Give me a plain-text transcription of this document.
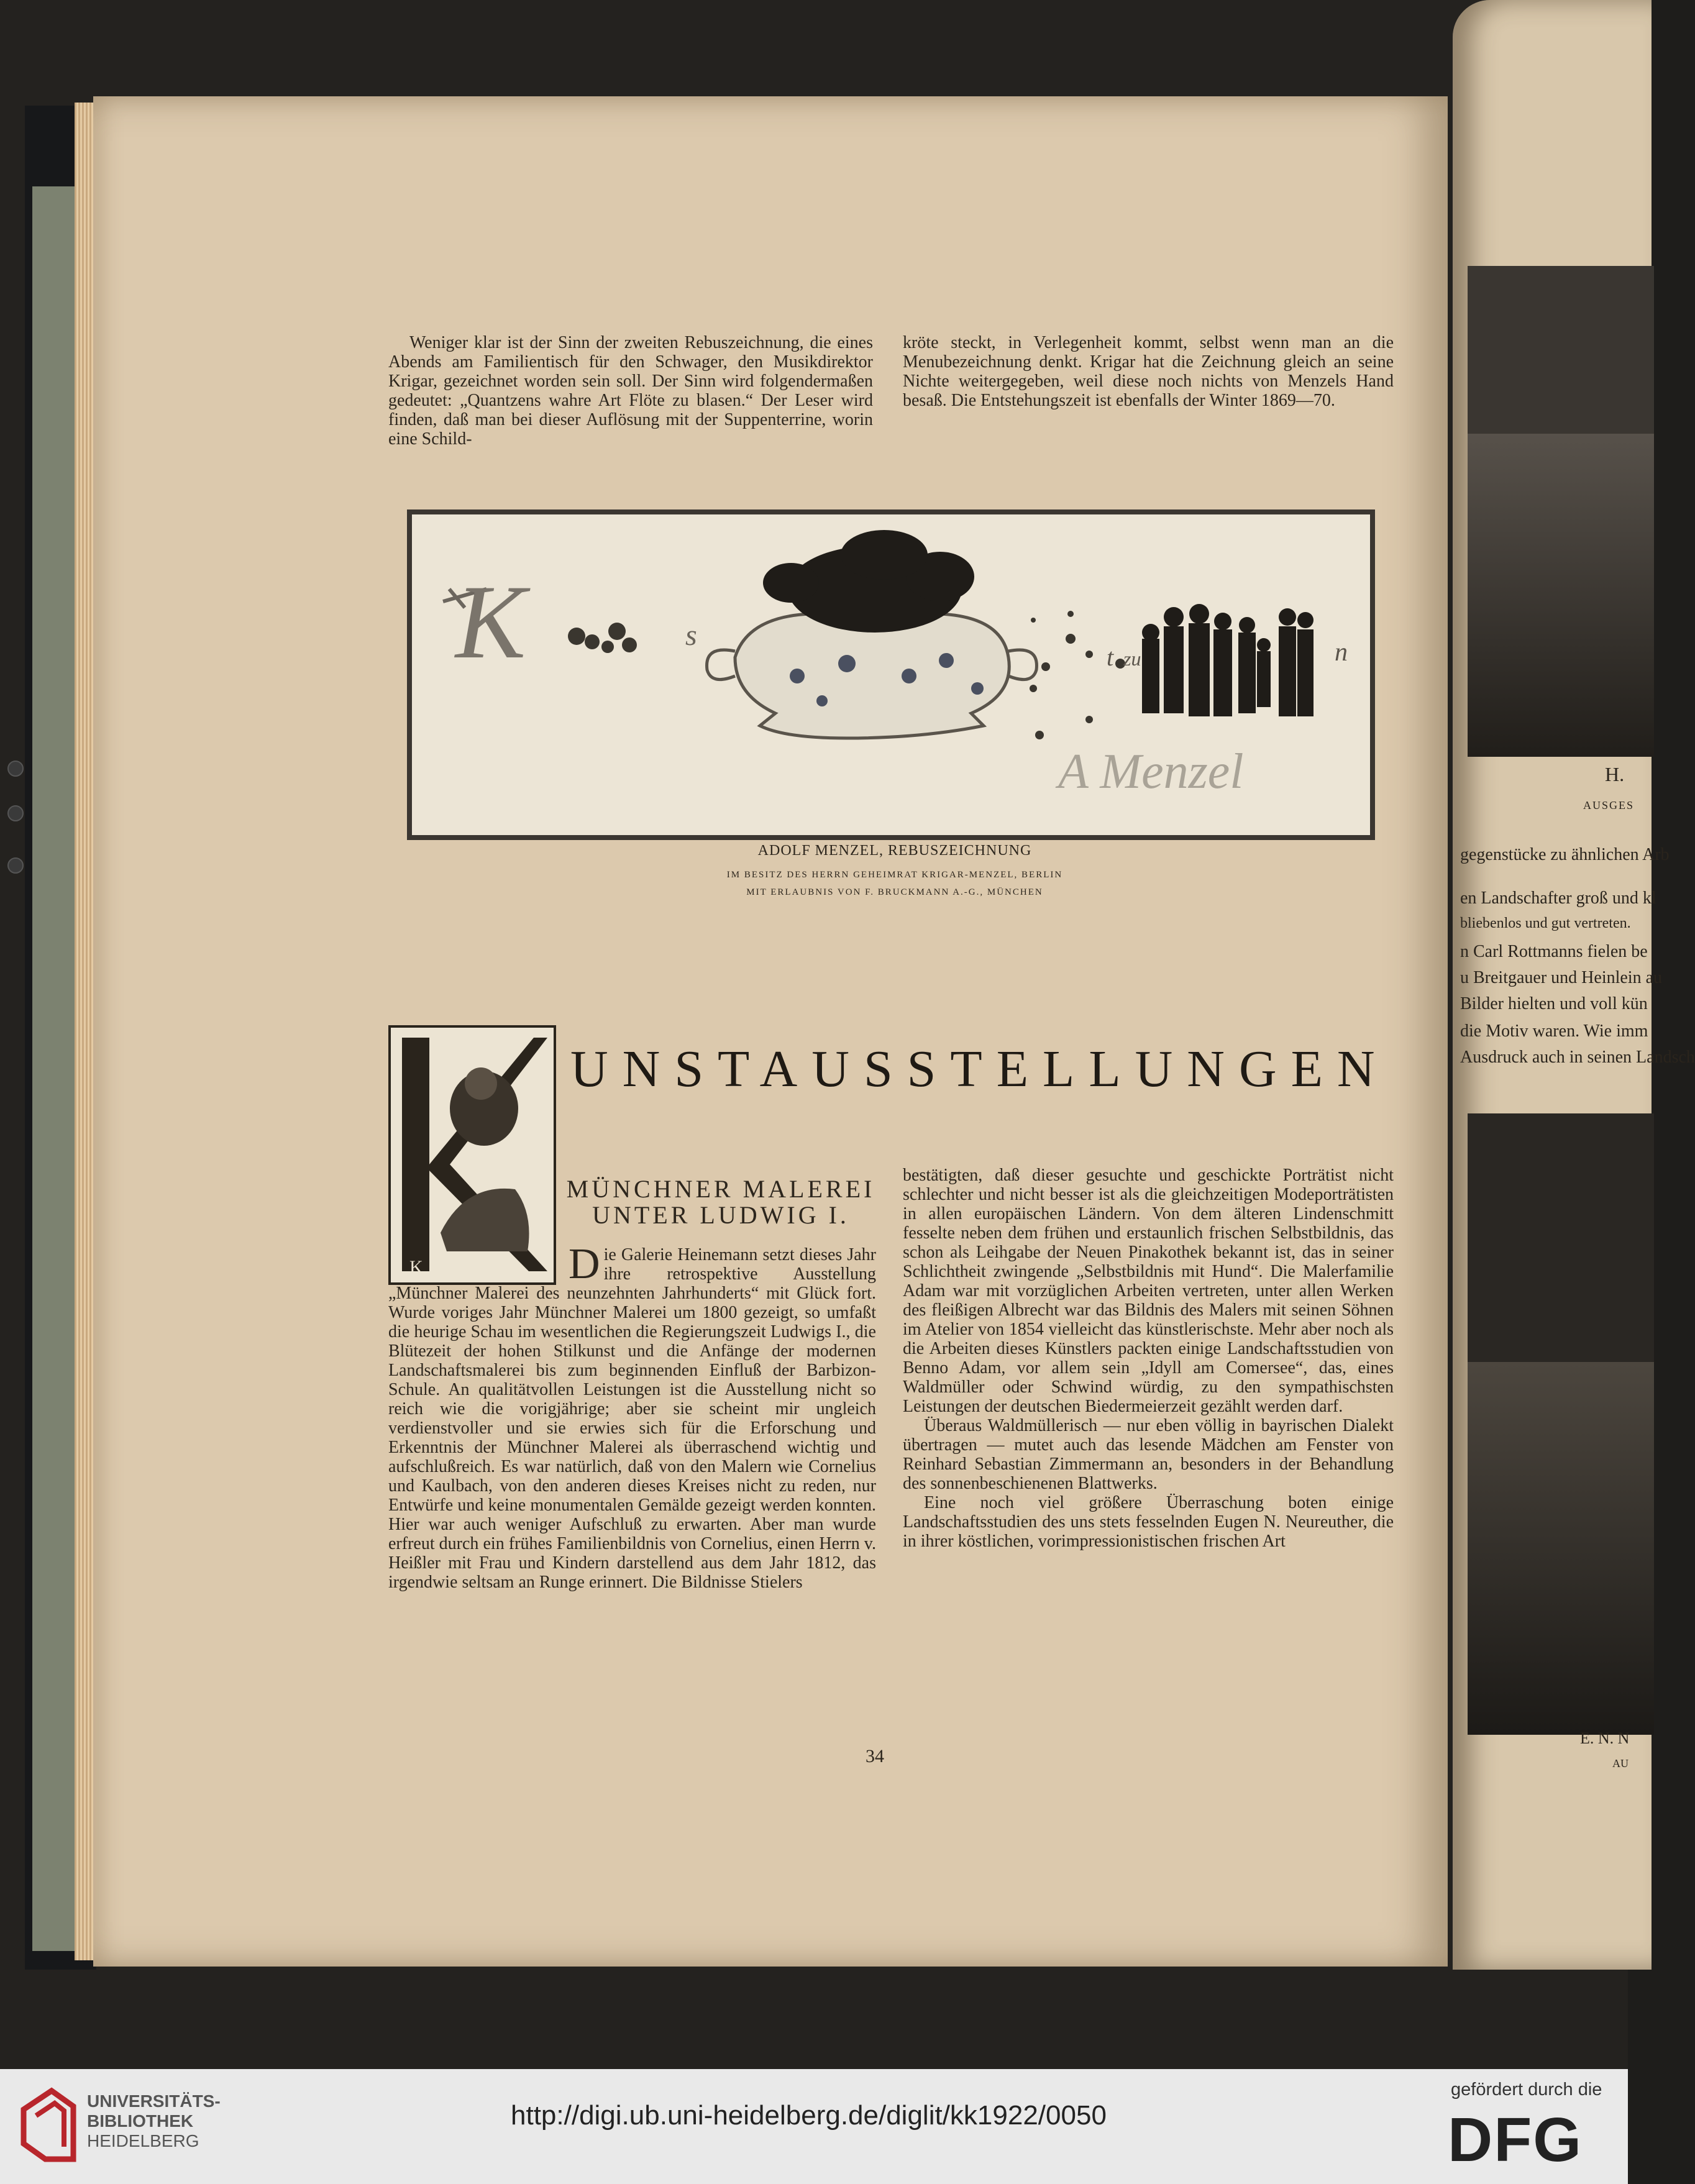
H.
AUSGES
gegenstücke zu ähnlichen Arb
en Landschafter groß und kl
bliebenlos und gut vertreten.
n Carl Rottmanns fielen be
u Breitgauer und Heinlein au
Bilder hielten und voll kün
die Motiv waren. Wie imm
Ausdruck auch in seinen Landsch
E. N. N
AU

Weniger klar ist der Sinn der zweiten Rebuszeichnung, die eines Abends am Familientisch für den Schwager, den Musikdirektor Krigar, gezeichnet worden sein soll. Der Sinn wird folgendermaßen gedeutet: „Quantzens wahre Art Flöte zu blasen.“ Der Leser wird finden, daß man bei dieser Auflösung mit der Suppenterrine, worin eine Schild-

kröte steckt, in Verlegenheit kommt, selbst wenn man an die Menubezeichnung denkt. Krigar hat die Zeichnung gleich an seine Nichte weitergegeben, weil diese noch nichts von Menzels Hand besaß. Die Entstehungszeit ist ebenfalls der Winter 1869—70.

K	s
t zu	n
A Menzel
ADOLF MENZEL, REBUSZEICHNUNG
IM BESITZ DES HERRN GEHEIMRAT KRIGAR-MENZEL, BERLIN
MIT ERLAUBNIS VON F. BRUCKMANN A.-G., MÜNCHEN
K
UNSTAUSSTELLUNGEN
MÜNCHNER MALEREI
UNTER LUDWIG I.

Die Galerie Heinemann setzt dieses Jahr ihre retrospektive Ausstellung „Münchner Malerei des neunzehnten Jahrhunderts“ mit Glück fort. Wurde voriges Jahr Münchner Malerei um 1800 gezeigt, so umfaßt die heurige Schau im wesentlichen die Regierungszeit Ludwigs I., die Blütezeit der hohen Stilkunst und die Anfänge der modernen Landschaftsmalerei bis zum beginnenden Einfluß der Barbizon-Schule. An qualitätvollen Leistungen ist die Ausstellung nicht so reich wie die vorigjährige; aber sie scheint mir ungleich verdienstvoller und sie erwies sich für die Erforschung und Erkenntnis der Münchner Malerei als überraschend wichtig und aufschlußreich. Es war natürlich, daß von den Malern wie Cornelius und Kaulbach, von den anderen dieses Kreises nicht zu reden, nur Entwürfe und keine monumentalen Gemälde gezeigt werden konnten. Hier war auch weniger Aufschluß zu erwarten. Aber man wurde erfreut durch ein frühes Familienbildnis von Cornelius, einen Herrn v. Heißler mit Frau und Kindern darstellend aus dem Jahr 1812, das irgendwie seltsam an Runge erinnert. Die Bildnisse Stielers

bestätigten, daß dieser gesuchte und geschickte Porträtist nicht schlechter und nicht besser ist als die gleichzeitigen Modeporträtisten in allen europäischen Ländern. Von dem älteren Lindenschmitt fesselte neben dem frühen und erstaunlich frischen Selbstbildnis, das schon als Leihgabe der Neuen Pinakothek bekannt ist, das in seiner Schlichtheit zwingende „Selbstbildnis mit Hund“. Die Malerfamilie Adam war mit vorzüglichen Arbeiten vertreten, unter allen Werken des fleißigen Albrecht war das Bildnis des Malers mit seinen Söhnen im Atelier von 1854 vielleicht das künstlerischste. Mehr aber noch als die Arbeiten dieses Künstlers packten einige Landschaftsstudien von Benno Adam, vor allem sein „Idyll am Comersee“, das, eines Waldmüller oder Schwind würdig, zu den sympathischsten Leistungen der deutschen Biedermeierzeit gezählt werden darf.

Überaus Waldmüllerisch — nur eben völlig in bayrischen Dialekt übertragen — mutet auch das lesende Mädchen am Fenster von Reinhard Sebastian Zimmermann an, besonders in der Behandlung des sonnenbeschienenen Blattwerks.

Eine noch viel größere Überraschung boten einige Landschaftsstudien des uns stets fesselnden Eugen N. Neureuther, die in ihrer köstlichen, vorimpressionistischen frischen Art

34
UNIVERSITÄTS-
BIBLIOTHEK
HEIDELBERG
http://digi.ub.uni-heidelberg.de/diglit/kk1922/0050
gefördert durch die
DFG
